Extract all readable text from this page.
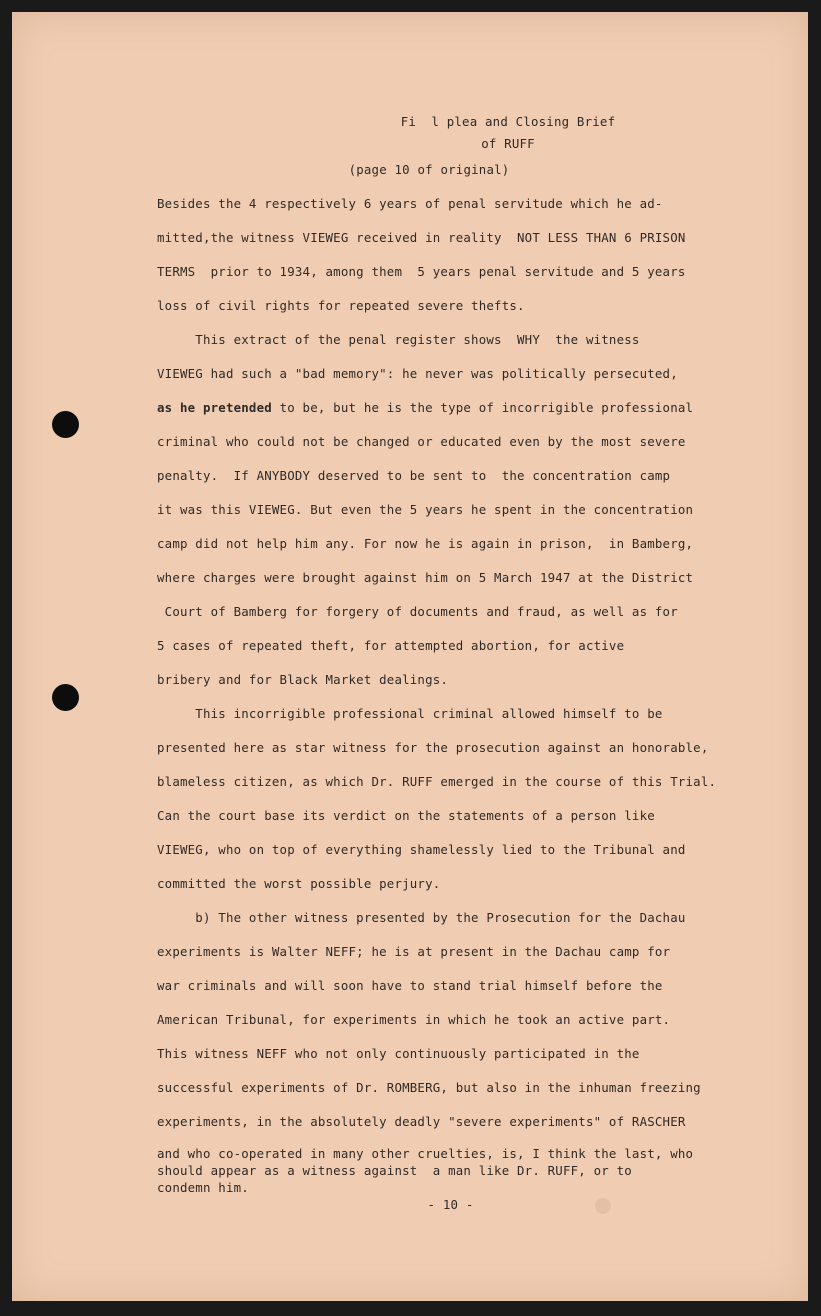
Fi  l plea and Closing Brief
of RUFF
(page 10 of original)
Besides the 4 respectively 6 years of penal servitude which he ad-
mitted,the witness VIEWEG received in reality  NOT LESS THAN 6 PRISON
TERMS  prior to 1934, among them  5 years penal servitude and 5 years
loss of civil rights for repeated severe thefts.
This extract of the penal register shows  WHY  the witness
VIEWEG had such a "bad memory": he never was politically persecuted,
as he pretended to be, but he is the type of incorrigible professional
criminal who could not be changed or educated even by the most severe
penalty.  If ANYBODY deserved to be sent to  the concentration camp
it was this VIEWEG. But even the 5 years he spent in the concentration
camp did not help him any. For now he is again in prison,  in Bamberg,
where charges were brought against him on 5 March 1947 at the District
Court of Bamberg for forgery of documents and fraud, as well as for
5 cases of repeated theft, for attempted abortion, for active
bribery and for Black Market dealings.
This incorrigible professional criminal allowed himself to be
presented here as star witness for the prosecution against an honorable,
blameless citizen, as which Dr. RUFF emerged in the course of this Trial.
Can the court base its verdict on the statements of a person like
VIEWEG, who on top of everything shamelessly lied to the Tribunal and
committed the worst possible perjury.
b) The other witness presented by the Prosecution for the Dachau
experiments is Walter NEFF; he is at present in the Dachau camp for
war criminals and will soon have to stand trial himself before the
American Tribunal, for experiments in which he took an active part.
This witness NEFF who not only continuously participated in the
successful experiments of Dr. ROMBERG, but also in the inhuman freezing
experiments, in the absolutely deadly "severe experiments" of RASCHER
and who co-operated in many other cruelties, is, I think the last, who
should appear as a witness against  a man like Dr. RUFF, or to
condemn him.
- 10 -
